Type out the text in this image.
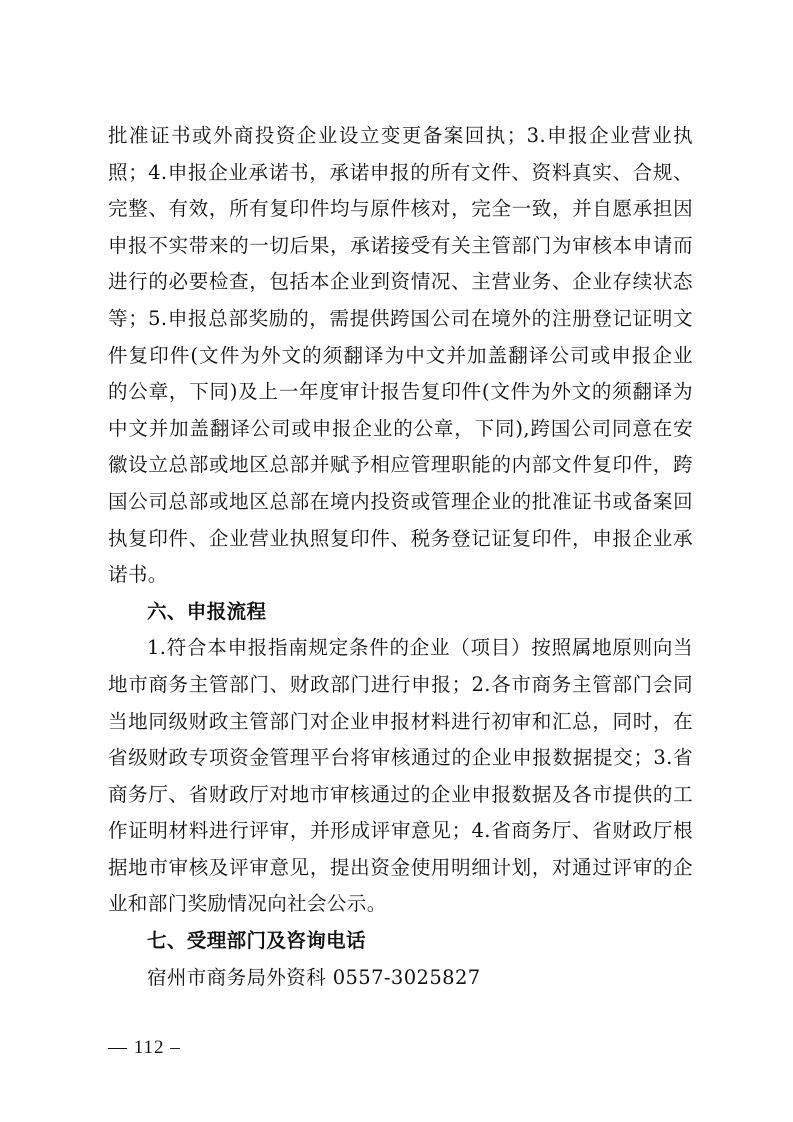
批准证书或外商投资企业设立变更备案回执；3.申报企业营业执照；4.申报企业承诺书，承诺申报的所有文件、资料真实、合规、完整、有效，所有复印件均与原件核对，完全一致，并自愿承担因申报不实带来的一切后果，承诺接受有关主管部门为审核本申请而进行的必要检查，包括本企业到资情况、主营业务、企业存续状态等；5.申报总部奖励的，需提供跨国公司在境外的注册登记证明文件复印件(文件为外文的须翻译为中文并加盖翻译公司或申报企业的公章，下同)及上一年度审计报告复印件(文件为外文的须翻译为中文并加盖翻译公司或申报企业的公章，下同),跨国公司同意在安徽设立总部或地区总部并赋予相应管理职能的内部文件复印件，跨国公司总部或地区总部在境内投资或管理企业的批准证书或备案回执复印件、企业营业执照复印件、税务登记证复印件，申报企业承诺书。

六、申报流程

1.符合本申报指南规定条件的企业（项目）按照属地原则向当地市商务主管部门、财政部门进行申报；2.各市商务主管部门会同当地同级财政主管部门对企业申报材料进行初审和汇总，同时，在省级财政专项资金管理平台将审核通过的企业申报数据提交；3.省商务厅、省财政厅对地市审核通过的企业申报数据及各市提供的工作证明材料进行评审，并形成评审意见；4.省商务厅、省财政厅根据地市审核及评审意见，提出资金使用明细计划，对通过评审的企业和部门奖励情况向社会公示。

七、受理部门及咨询电话

宿州市商务局外资科 0557-3025827

— 112 –
